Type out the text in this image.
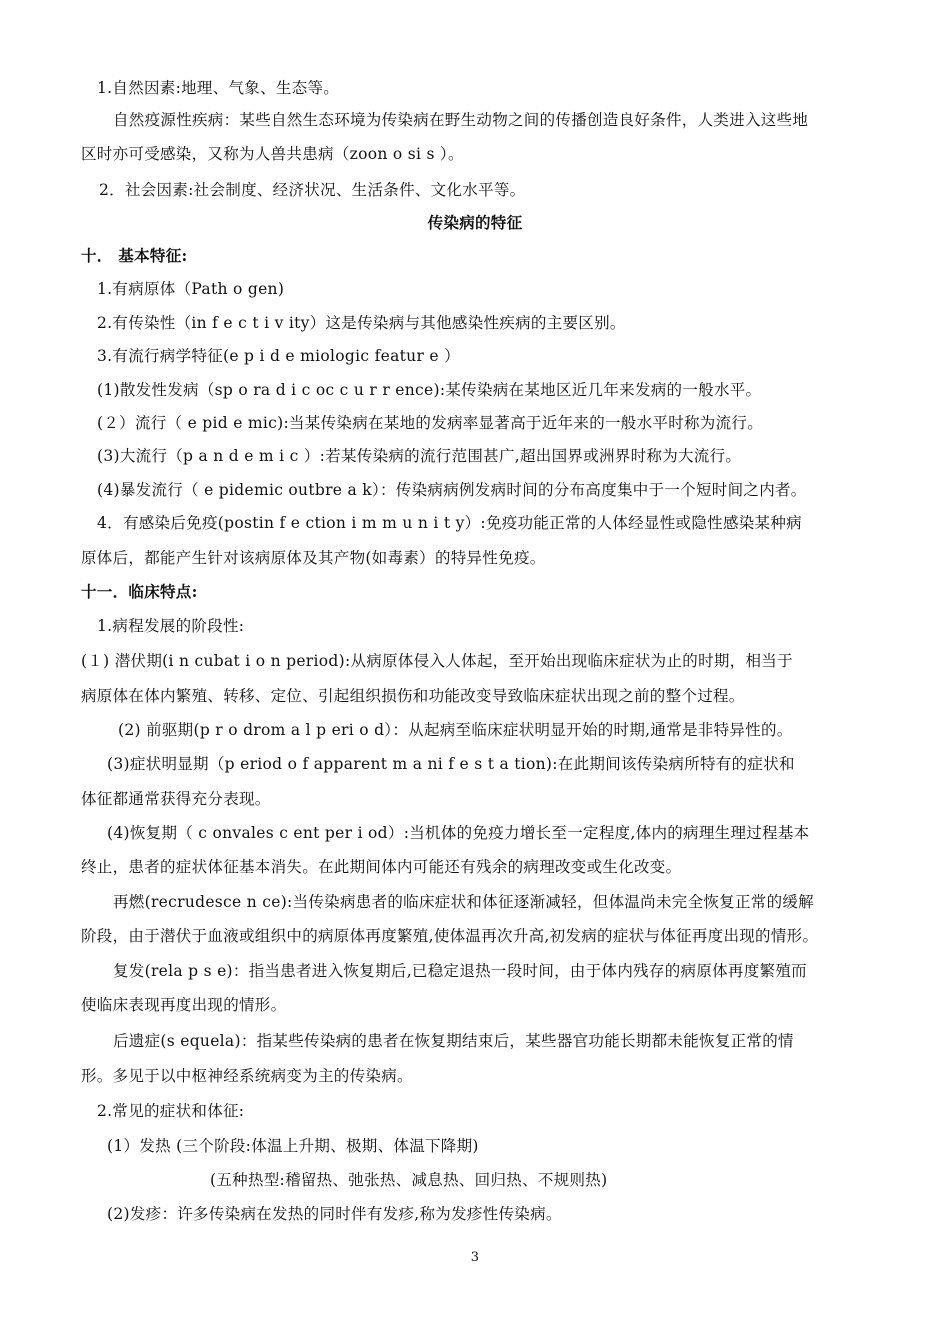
1.自然因素:地理、气象、生态等。
自然疫源性疾病：某些自然生态环境为传染病在野生动物之间的传播创造良好条件，人类进入这些地
区时亦可受感染，又称为人兽共患病（zoon o si s ）。
2．社会因素:社会制度、经济状况、生活条件、文化水平等。
传染病的特征
十． 基本特征:
1.有病原体（Path o gen)
2.有传染性（in f e c t i v ity）这是传染病与其他感染性疾病的主要区别。
3.有流行病学特征(e p i d e miologic featur e ）
(1)散发性发病（sp o ra d i c oc c u r r ence):某传染病在某地区近几年来发病的一般水平。
(２）流行（ e pid e mic):当某传染病在某地的发病率显著高于近年来的一般水平时称为流行。
(3)大流行（p a n d e m i c ）:若某传染病的流行范围甚广,超出国界或洲界时称为大流行。
(4)暴发流行（ e pidemic outbre a k）：传染病病例发病时间的分布高度集中于一个短时间之内者。
4．有感染后免疫(postin f e ction i m m u n i t y）:免疫功能正常的人体经显性或隐性感染某种病
原体后，都能产生针对该病原体及其产物(如毒素）的特异性免疫。
十一．临床特点:
1.病程发展的阶段性:
(１) 潜伏期(i n cubat i o n period):从病原体侵入人体起，至开始出现临床症状为止的时期，相当于
病原体在体内繁殖、转移、定位、引起组织损伤和功能改变导致临床症状出现之前的整个过程。
(2) 前驱期(p r o drom a l p eri o d）：从起病至临床症状明显开始的时期,通常是非特异性的。
(3)症状明显期（p eriod o f apparent m a ni f e s t a tion):在此期间该传染病所特有的症状和
体征都通常获得充分表现。
(4)恢复期（ c onvales c ent per i od）:当机体的免疫力增长至一定程度,体内的病理生理过程基本
终止，患者的症状体征基本消失。在此期间体内可能还有残余的病理改变或生化改变。
再燃(recrudesce n ce):当传染病患者的临床症状和体征逐渐减轻，但体温尚未完全恢复正常的缓解
阶段，由于潜伏于血液或组织中的病原体再度繁殖,使体温再次升高,初发病的症状与体征再度出现的情形。
复发(rela p s e)：指当患者进入恢复期后,已稳定退热一段时间，由于体内残存的病原体再度繁殖而
使临床表现再度出现的情形。
后遗症(s equela)：指某些传染病的患者在恢复期结束后，某些器官功能长期都未能恢复正常的情
形。多见于以中枢神经系统病变为主的传染病。
2.常见的症状和体征:
(1）发热 (三个阶段:体温上升期、极期、体温下降期)
(五种热型:稽留热、弛张热、减息热、回归热、不规则热)
(2)发疹：许多传染病在发热的同时伴有发疹,称为发疹性传染病。
3
